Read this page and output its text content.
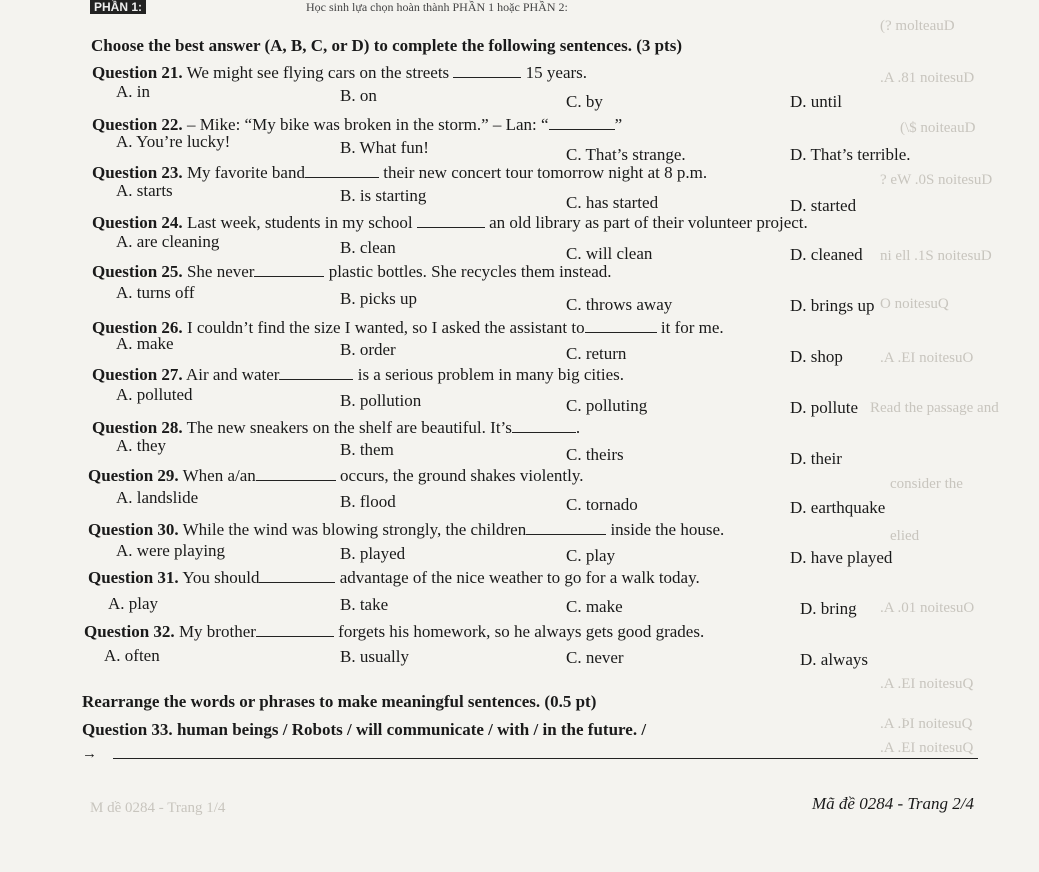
(? molteauD
.A .81 noitesuD
(\$ noiteauD
? eW .0S noitesuD
ni ell .1S noitesuD
O noitesuQ
.A .EI noitesuO
Read the passage and
consider the
elied
.A .01 noitesuO
.A .EI noitesuQ
.A .ÞI noitesuQ
.A .EI noitesuQ
M dề 0284 - Trang 1/4
PHẦN 1:	Học sinh lựa chọn hoàn thành PHẦN 1 hoặc PHẦN 2:
Choose the best answer (A, B, C, or D) to complete the following sentences. (3 pts)
Question 21. We might see flying cars on the streets	15 years.
A. in	B. on	C. by	D. until
Question 22. – Mike: “My bike was broken in the storm.” – Lan: “	”
A. You’re lucky!	B. What fun!	C. That’s strange.	D. That’s terrible.
Question 23. My favorite band	their new concert tour tomorrow night at 8 p.m.
A. starts	B. is starting	C. has started	D. started
Question 24. Last week, students in my school	an old library as part of their volunteer project.
A. are cleaning	B. clean	C. will clean	D. cleaned
Question 25. She never	plastic bottles. She recycles them instead.
A. turns off	B. picks up	C. throws away	D. brings up
Question 26. I couldn’t find the size I wanted, so I asked the assistant to	it for me.
A. make	B. order	C. return	D. shop
Question 27. Air and water	is a serious problem in many big cities.
A. polluted	B. pollution	C. polluting	D. pollute
Question 28. The new sneakers on the shelf are beautiful. It’s	.
A. they	B. them	C. theirs	D. their
Question 29. When a/an	occurs, the ground shakes violently.
A. landslide	B. flood	C. tornado	D. earthquake
Question 30. While the wind was blowing strongly, the children	inside the house.
A. were playing	B. played	C. play	D. have played
Question 31. You should	advantage of the nice weather to go for a walk today.
A. play	B. take	C. make	D. bring
Question 32. My brother	forgets his homework, so he always gets good grades.
A. often	B. usually	C. never	D. always
Rearrange the words or phrases to make meaningful sentences. (0.5 pt)
Question 33. human beings / Robots / will communicate / with / in the future. /
→
Mã đề 0284 - Trang 2/4
